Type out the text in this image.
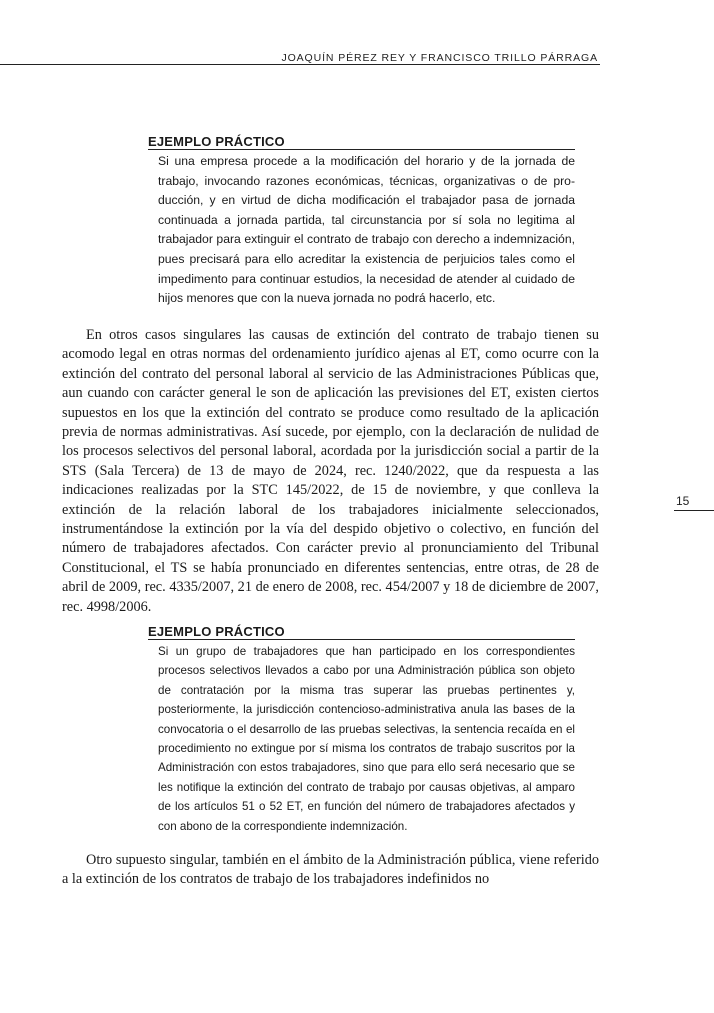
JOAQUÍN PÉREZ REY Y FRANCISCO TRILLO PÁRRAGA
EJEMPLO PRÁCTICO
Si una empresa procede a la modificación del horario y de la jornada de trabajo, invocando razones económicas, técnicas, organizativas o de producción, y en virtud de dicha modificación el trabajador pasa de jornada continuada a jornada partida, tal circunstancia por sí sola no legitima al trabajador para extinguir el contrato de trabajo con derecho a indemnización, pues precisará para ello acreditar la existencia de perjuicios tales como el impedimento para continuar estudios, la necesidad de atender al cuidado de hijos menores que con la nueva jornada no podrá hacerlo, etc.

En otros casos singulares las causas de extinción del contrato de trabajo tienen su acomodo legal en otras normas del ordenamiento jurídico ajenas al ET, como ocurre con la extinción del contrato del personal laboral al servicio de las Administraciones Públicas que, aun cuando con carácter general le son de aplicación las previsiones del ET, existen ciertos supuestos en los que la extinción del contrato se produce como resultado de la aplicación previa de normas administrativas. Así sucede, por ejemplo, con la declaración de nulidad de los procesos selectivos del personal laboral, acordada por la jurisdicción social a partir de la STS (Sala Tercera) de 13 de mayo de 2024, rec. 1240/2022, que da respuesta a las indicaciones realizadas por la STC 145/2022, de 15 de noviembre, y que conlleva la extinción de la relación laboral de los trabajadores inicialmente seleccionados, instrumentándose la extinción por la vía del despido objetivo o colectivo, en función del número de trabajadores afectados. Con carácter previo al pronunciamiento del Tribunal Constitucional, el TS se había pronunciado en diferentes sentencias, entre otras, de 28 de abril de 2009, rec. 4335/2007, 21 de enero de 2008, rec. 454/2007 y 18 de diciembre de 2007, rec. 4998/2006.

EJEMPLO PRÁCTICO
Si un grupo de trabajadores que han participado en los correspondientes procesos selectivos llevados a cabo por una Administración pública son objeto de contratación por la misma tras superar las pruebas pertinentes y, posteriormente, la jurisdicción contencioso-administrativa anula las bases de la convocatoria o el desarrollo de las pruebas selectivas, la sentencia recaída en el procedimiento no extingue por sí misma los contratos de trabajo suscritos por la Administración con estos trabajadores, sino que para ello será necesario que se les notifique la extinción del contrato de trabajo por causas objetivas, al amparo de los artículos 51 o 52 ET, en función del número de trabajadores afectados y con abono de la correspondiente indemnización.

Otro supuesto singular, también en el ámbito de la Administración pública, viene referido a la extinción de los contratos de trabajo de los trabajadores indefinidos no

15
